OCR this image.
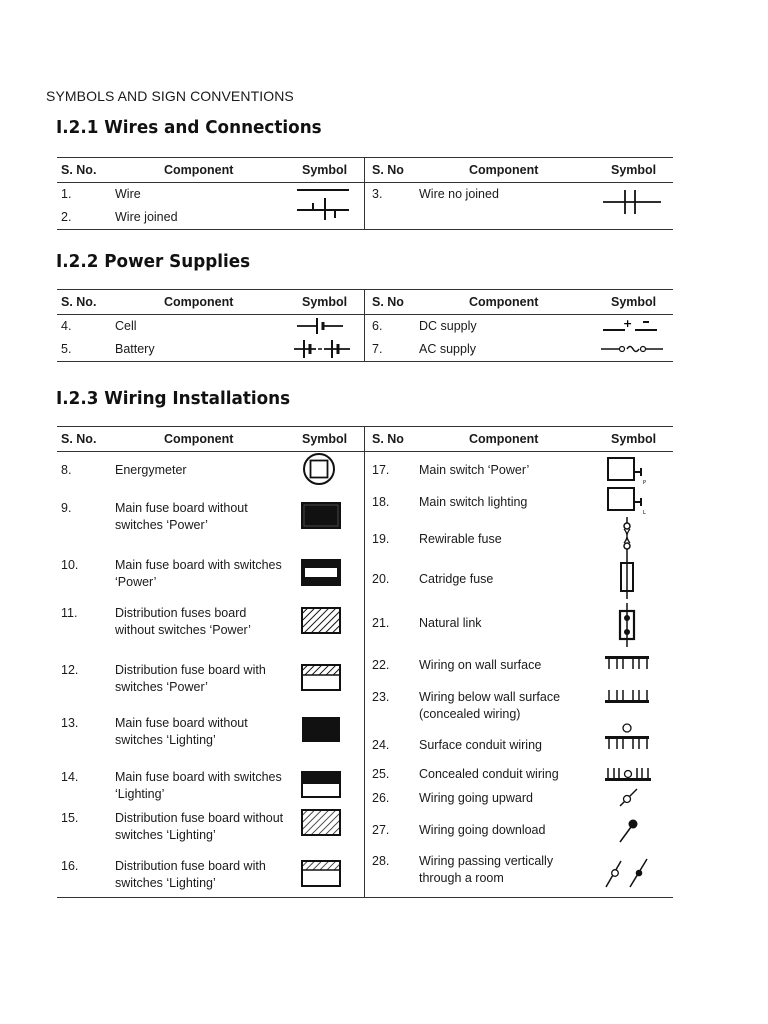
SYMBOLS AND SIGN CONVENTIONS
I.2.1 Wires and Connections
S. No.	Component	Symbol S. No	Component	Symbol
1.	Wire
2.	Wire joined
3.	Wire no joined
I.2.2 Power Supplies
S. No.	Component	Symbol S. No	Component	Symbol
4.	Cell
5.	Battery
6.	DC supply	+
7.	AC supply
I.2.3 Wiring Installations
S. No.	Component	Symbol S. No	Component	Symbol
8.	Energymeter
9.	Main fuse board without switches ‘Power’
10.	Main fuse board with switches ‘Power’
11.	Distribution fuses board without switches ‘Power’
12.	Distribution fuse board with switches ‘Power’
13.	Main fuse board without switches ‘Lighting’
14.	Main fuse board with switches ‘Lighting’
15.	Distribution fuse board without switches ‘Lighting’
16.	Distribution fuse board with switches ‘Lighting’
17. Main switch ‘Power’
P
18. Main switch lighting
L
19. Rewirable fuse
20. Catridge fuse
21. Natural link
22. Wiring on wall surface
23. Wiring below wall surface (concealed wiring)
24. Surface conduit wiring
25. Concealed conduit wiring
26. Wiring going upward
27. Wiring going download
28. Wiring passing vertically through a room
